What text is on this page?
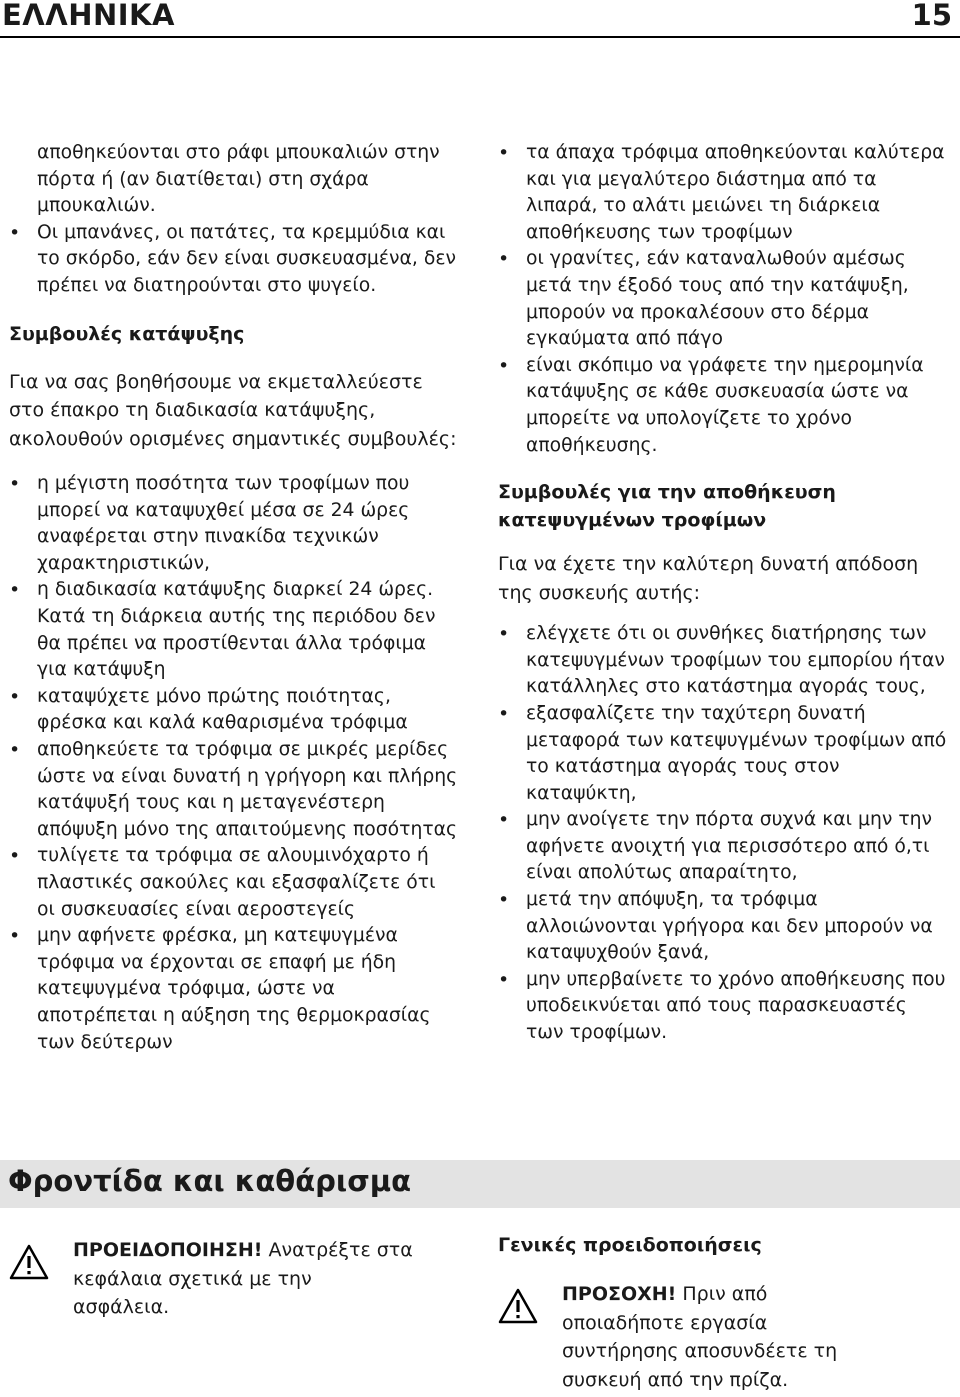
ΕΛΛΗΝΙΚΑ	15

αποθηκεύονται στο ράφι μπουκαλιών στην πόρτα ή (αν διατίθεται) στη σχάρα μπουκαλιών.

• Οι μπανάνες, οι πατάτες, τα κρεμμύδια και το σκόρδο, εάν δεν είναι συσκευασμένα, δεν πρέπει να διατηρούνται στο ψυγείο.
Συμβουλές κατάψυξης

Για να σας βοηθήσουμε να εκμεταλλεύεστε στο έπακρο τη διαδικασία κατάψυξης, ακολουθούν ορισμένες σημαντικές συμβουλές:

• η μέγιστη ποσότητα των τροφίμων που μπορεί να καταψυχθεί μέσα σε 24 ώρες αναφέρεται στην πινακίδα τεχνικών χαρακτηριστικών,
• η διαδικασία κατάψυξης διαρκεί 24 ώρες. Κατά τη διάρκεια αυτής της περιόδου δεν θα πρέπει να προστίθενται άλλα τρόφιμα για κατάψυξη
• καταψύχετε μόνο πρώτης ποιότητας, φρέσκα και καλά καθαρισμένα τρόφιμα
• αποθηκεύετε τα τρόφιμα σε μικρές μερίδες ώστε να είναι δυνατή η γρήγορη και πλήρης κατάψυξή τους και η μεταγενέστερη απόψυξη μόνο της απαιτούμενης ποσότητας
• τυλίγετε τα τρόφιμα σε αλουμινόχαρτο ή πλαστικές σακούλες και εξασφαλίζετε ότι οι συσκευασίες είναι αεροστεγείς
• μην αφήνετε φρέσκα, μη κατεψυγμένα τρόφιμα να έρχονται σε επαφή με ήδη κατεψυγμένα τρόφιμα, ώστε να αποτρέπεται η αύξηση της θερμοκρασίας των δεύτερων
• τα άπαχα τρόφιμα αποθηκεύονται καλύτερα και για μεγαλύτερο διάστημα από τα λιπαρά, το αλάτι μειώνει τη διάρκεια αποθήκευσης των τροφίμων
• οι γρανίτες, εάν καταναλωθούν αμέσως μετά την έξοδό τους από την κατάψυξη, μπορούν να προκαλέσουν στο δέρμα εγκαύματα από πάγο
• είναι σκόπιμο να γράφετε την ημερομηνία κατάψυξης σε κάθε συσκευασία ώστε να μπορείτε να υπολογίζετε το χρόνο αποθήκευσης.
Συμβουλές για την αποθήκευση κατεψυγμένων τροφίμων

Για να έχετε την καλύτερη δυνατή απόδοση της συσκευής αυτής:

• ελέγχετε ότι οι συνθήκες διατήρησης των κατεψυγμένων τροφίμων του εμπορίου ήταν κατάλληλες στο κατάστημα αγοράς τους,
• εξασφαλίζετε την ταχύτερη δυνατή μεταφορά των κατεψυγμένων τροφίμων από το κατάστημα αγοράς τους στον καταψύκτη,
• μην ανοίγετε την πόρτα συχνά και μην την αφήνετε ανοιχτή για περισσότερο από ό,τι είναι απολύτως απαραίτητο,
• μετά την απόψυξη, τα τρόφιμα αλλοιώνονται γρήγορα και δεν μπορούν να καταψυχθούν ξανά,
• μην υπερβαίνετε το χρόνο αποθήκευσης που υποδεικνύεται από τους παρασκευαστές των τροφίμων.
Φροντίδα και καθάρισμα
ΠΡΟΕΙΔΟΠΟΙΗΣΗ! Ανατρέξτε στα κεφάλαια σχετικά με την ασφάλεια.
Γενικές προειδοποιήσεις
ΠΡΟΣΟΧΗ! Πριν από οποιαδήποτε εργασία συντήρησης αποσυνδέετε τη συσκευή από την πρίζα.
